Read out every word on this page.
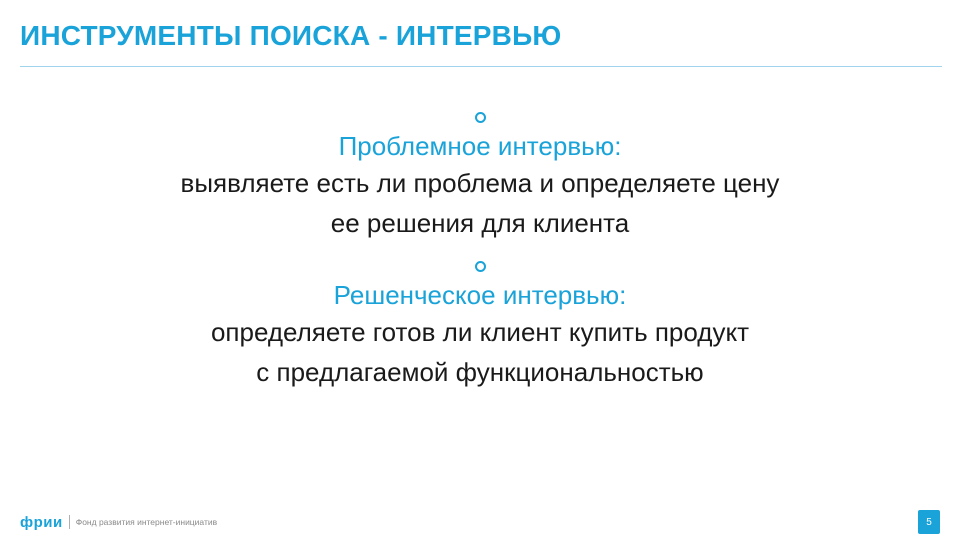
ИНСТРУМЕНТЫ ПОИСКА - ИНТЕРВЬЮ
Проблемное интервью:
выявляете есть ли проблема и определяете цену
ее решения для клиента
Решенческое интервью:
определяете готов ли клиент купить продукт
с предлагаемой функциональностью
фрии Фонд развития интернет-инициатив	5
